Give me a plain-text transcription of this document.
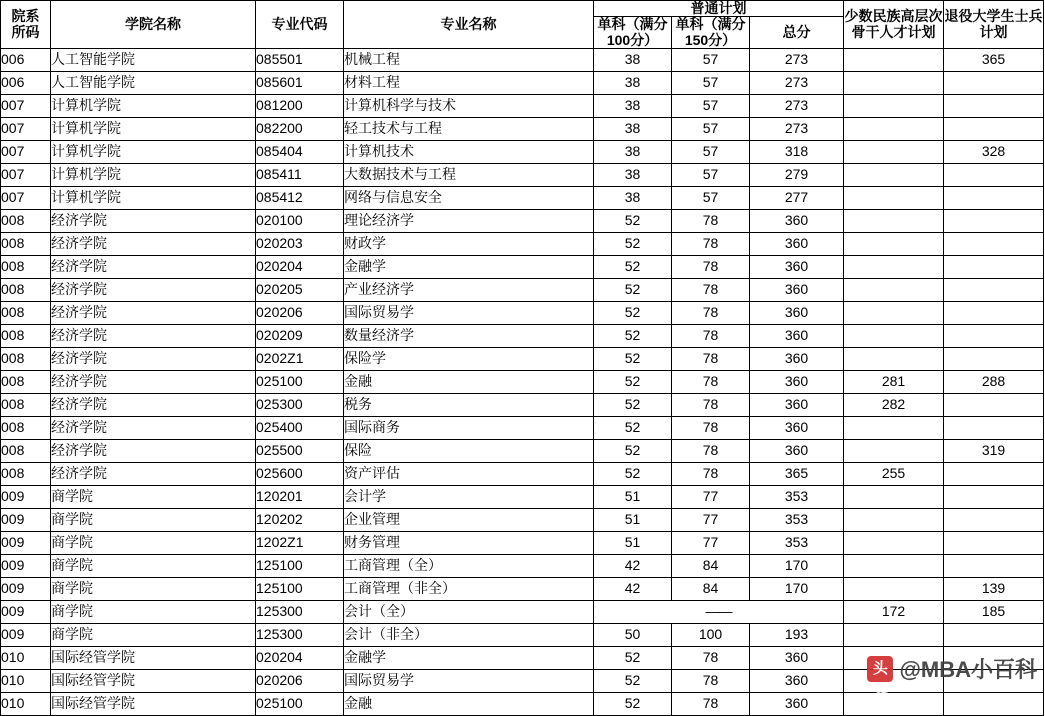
院系
所码	学院名称	专业代码	专业名称	普通计划			少数民族高层次骨干人才计划	退役大学生士兵计划
				单科（满分100分）	单科（满分150分）	总分		
006	人工智能学院	085501	机械工程	38	57	273		365
006	人工智能学院	085601	材料工程	38	57	273		
007	计算机学院	081200	计算机科学与技术	38	57	273		
007	计算机学院	082200	轻工技术与工程	38	57	273		
007	计算机学院	085404	计算机技术	38	57	318		328
007	计算机学院	085411	大数据技术与工程	38	57	279		
007	计算机学院	085412	网络与信息安全	38	57	277		
008	经济学院	020100	理论经济学	52	78	360		
008	经济学院	020203	财政学	52	78	360		
008	经济学院	020204	金融学	52	78	360		
008	经济学院	020205	产业经济学	52	78	360		
008	经济学院	020206	国际贸易学	52	78	360		
008	经济学院	020209	数量经济学	52	78	360		
008	经济学院	0202Z1	保险学	52	78	360		
008	经济学院	025100	金融	52	78	360	281	288
008	经济学院	025300	税务	52	78	360	282	
008	经济学院	025400	国际商务	52	78	360		
008	经济学院	025500	保险	52	78	360		319
008	经济学院	025600	资产评估	52	78	365	255	
009	商学院	120201	会计学	51	77	353		
009	商学院	120202	企业管理	51	77	353		
009	商学院	1202Z1	财务管理	51	77	353		
009	商学院	125100	工商管理（全）	42	84	170		
009	商学院	125100	工商管理（非全）	42	84	170		139
009	商学院	125300	会计（全）	——			172	185
009	商学院	125300	会计（非全）	50	100	193		
010	国际经管学院	020204	金融学	52	78	360		
010	国际经管学院	020206	国际贸易学	52	78	360		
010	国际经管学院	025100	金融	52	78	360		
头条
@MBA小百科
